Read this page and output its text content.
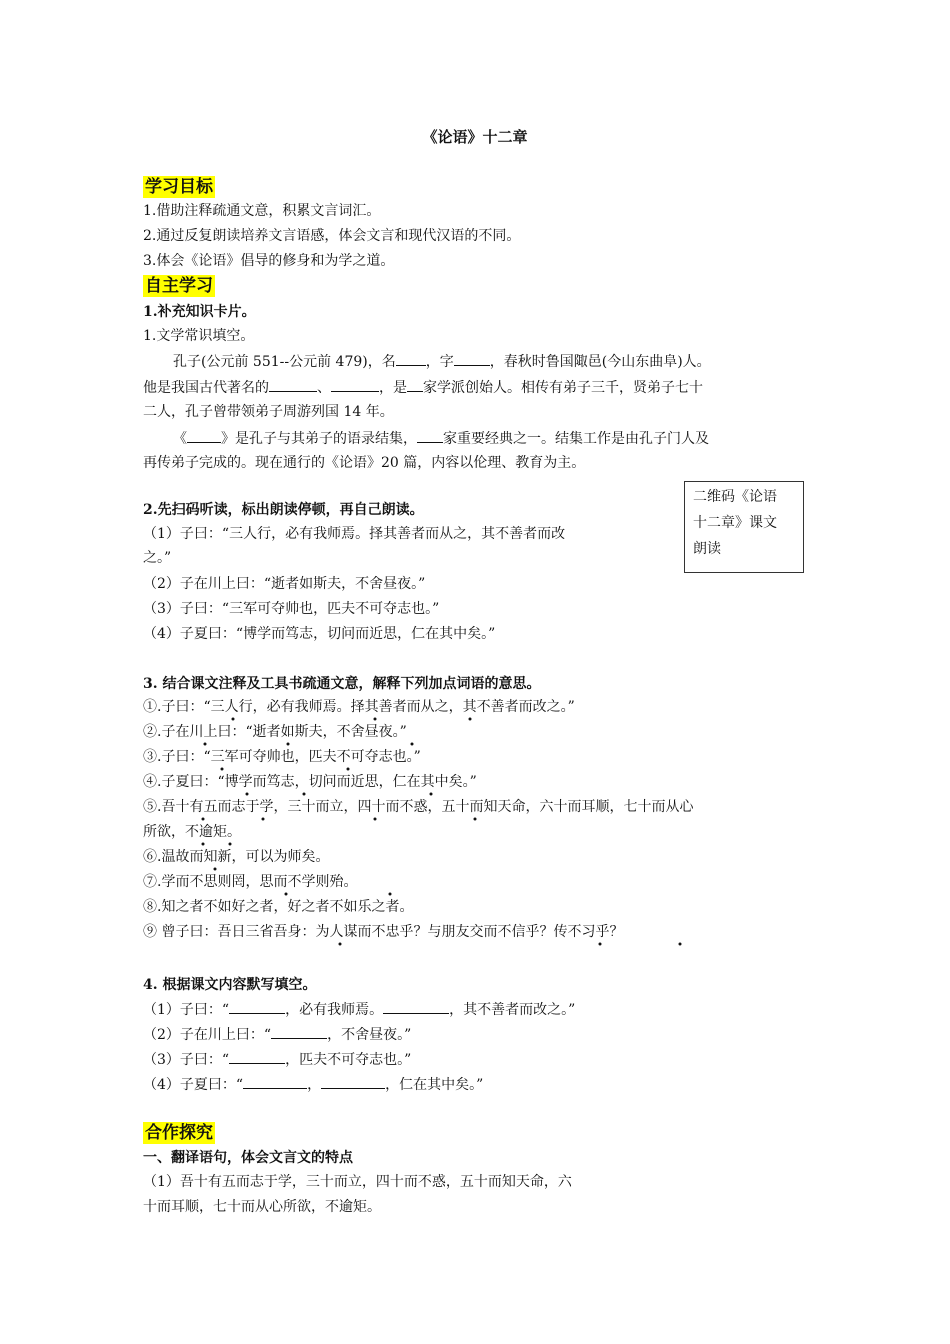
《论语》十二章
学习目标
1.借助注释疏通文意，积累文言词汇。
2.通过反复朗读培养文言语感，体会文言和现代汉语的不同。
3.体会《论语》倡导的修身和为学之道。
自主学习
1.补充知识卡片。
1.文学常识填空。
孔子(公元前 551--公元前 479)，名 ，字	，春秋时鲁国陬邑(今山东曲阜)人。
他是我国古代著名的	、	，是 家学派创始人。相传有弟子三千，贤弟子七十
二人，孔子曾带领弟子周游列国 14 年。
《 》是孔子与其弟子的语录结集， 家重要经典之一。结集工作是由孔子门人及
再传弟子完成的。现在通行的《论语》20 篇，内容以伦理、教育为主。
2.先扫码听读，标出朗读停顿，再自己朗读。
（1）子曰：“三人行，必有我师焉。择其善者而从之，其不善者而改
之。”
（2）子在川上曰：“逝者如斯夫，不舍昼夜。”
（3）子曰：“三军可夺帅也，匹夫不可夺志也。”
（4）子夏曰：“博学而笃志，切问而近思，仁在其中矣。”
二维码《论语
十二章》课文
朗读
3. 结合课文注释及工具书疏通文意，解释下列加点词语的意思。
①.子曰：“三人行，必有我师焉。择其善者而从之，其不善者而改之。”
②.子在川上曰：“逝者如斯夫，不舍昼夜。”
③.子曰：“三军可夺帅也，匹夫不可夺志也。”
④.子夏曰：“博学而笃志，切问而近思，仁在其中矣。”
⑤.吾十有五而志于学，三十而立，四十而不惑，五十而知天命，六十而耳顺，七十而从心
所欲，不逾矩。
⑥.温故而知新，可以为师矣。
⑦.学而不思则罔，思而不学则殆。
⑧.知之者不如好之者，好之者不如乐之者。
⑨ 曾子曰：吾日三省吾身：为人谋而不忠乎？与朋友交而不信乎？传不习乎？
4. 根据课文内容默写填空。
（1）子曰：“	，必有我师焉。	，其不善者而改之。”
（2）子在川上曰：“	，不舍昼夜。”
（3）子曰：“	，匹夫不可夺志也。”
（4）子夏曰：“	，	，仁在其中矣。”
合作探究
一、翻译语句，体会文言文的特点
（1）吾十有五而志于学，三十而立，四十而不惑，五十而知天命，六
十而耳顺，七十而从心所欲，不逾矩。
